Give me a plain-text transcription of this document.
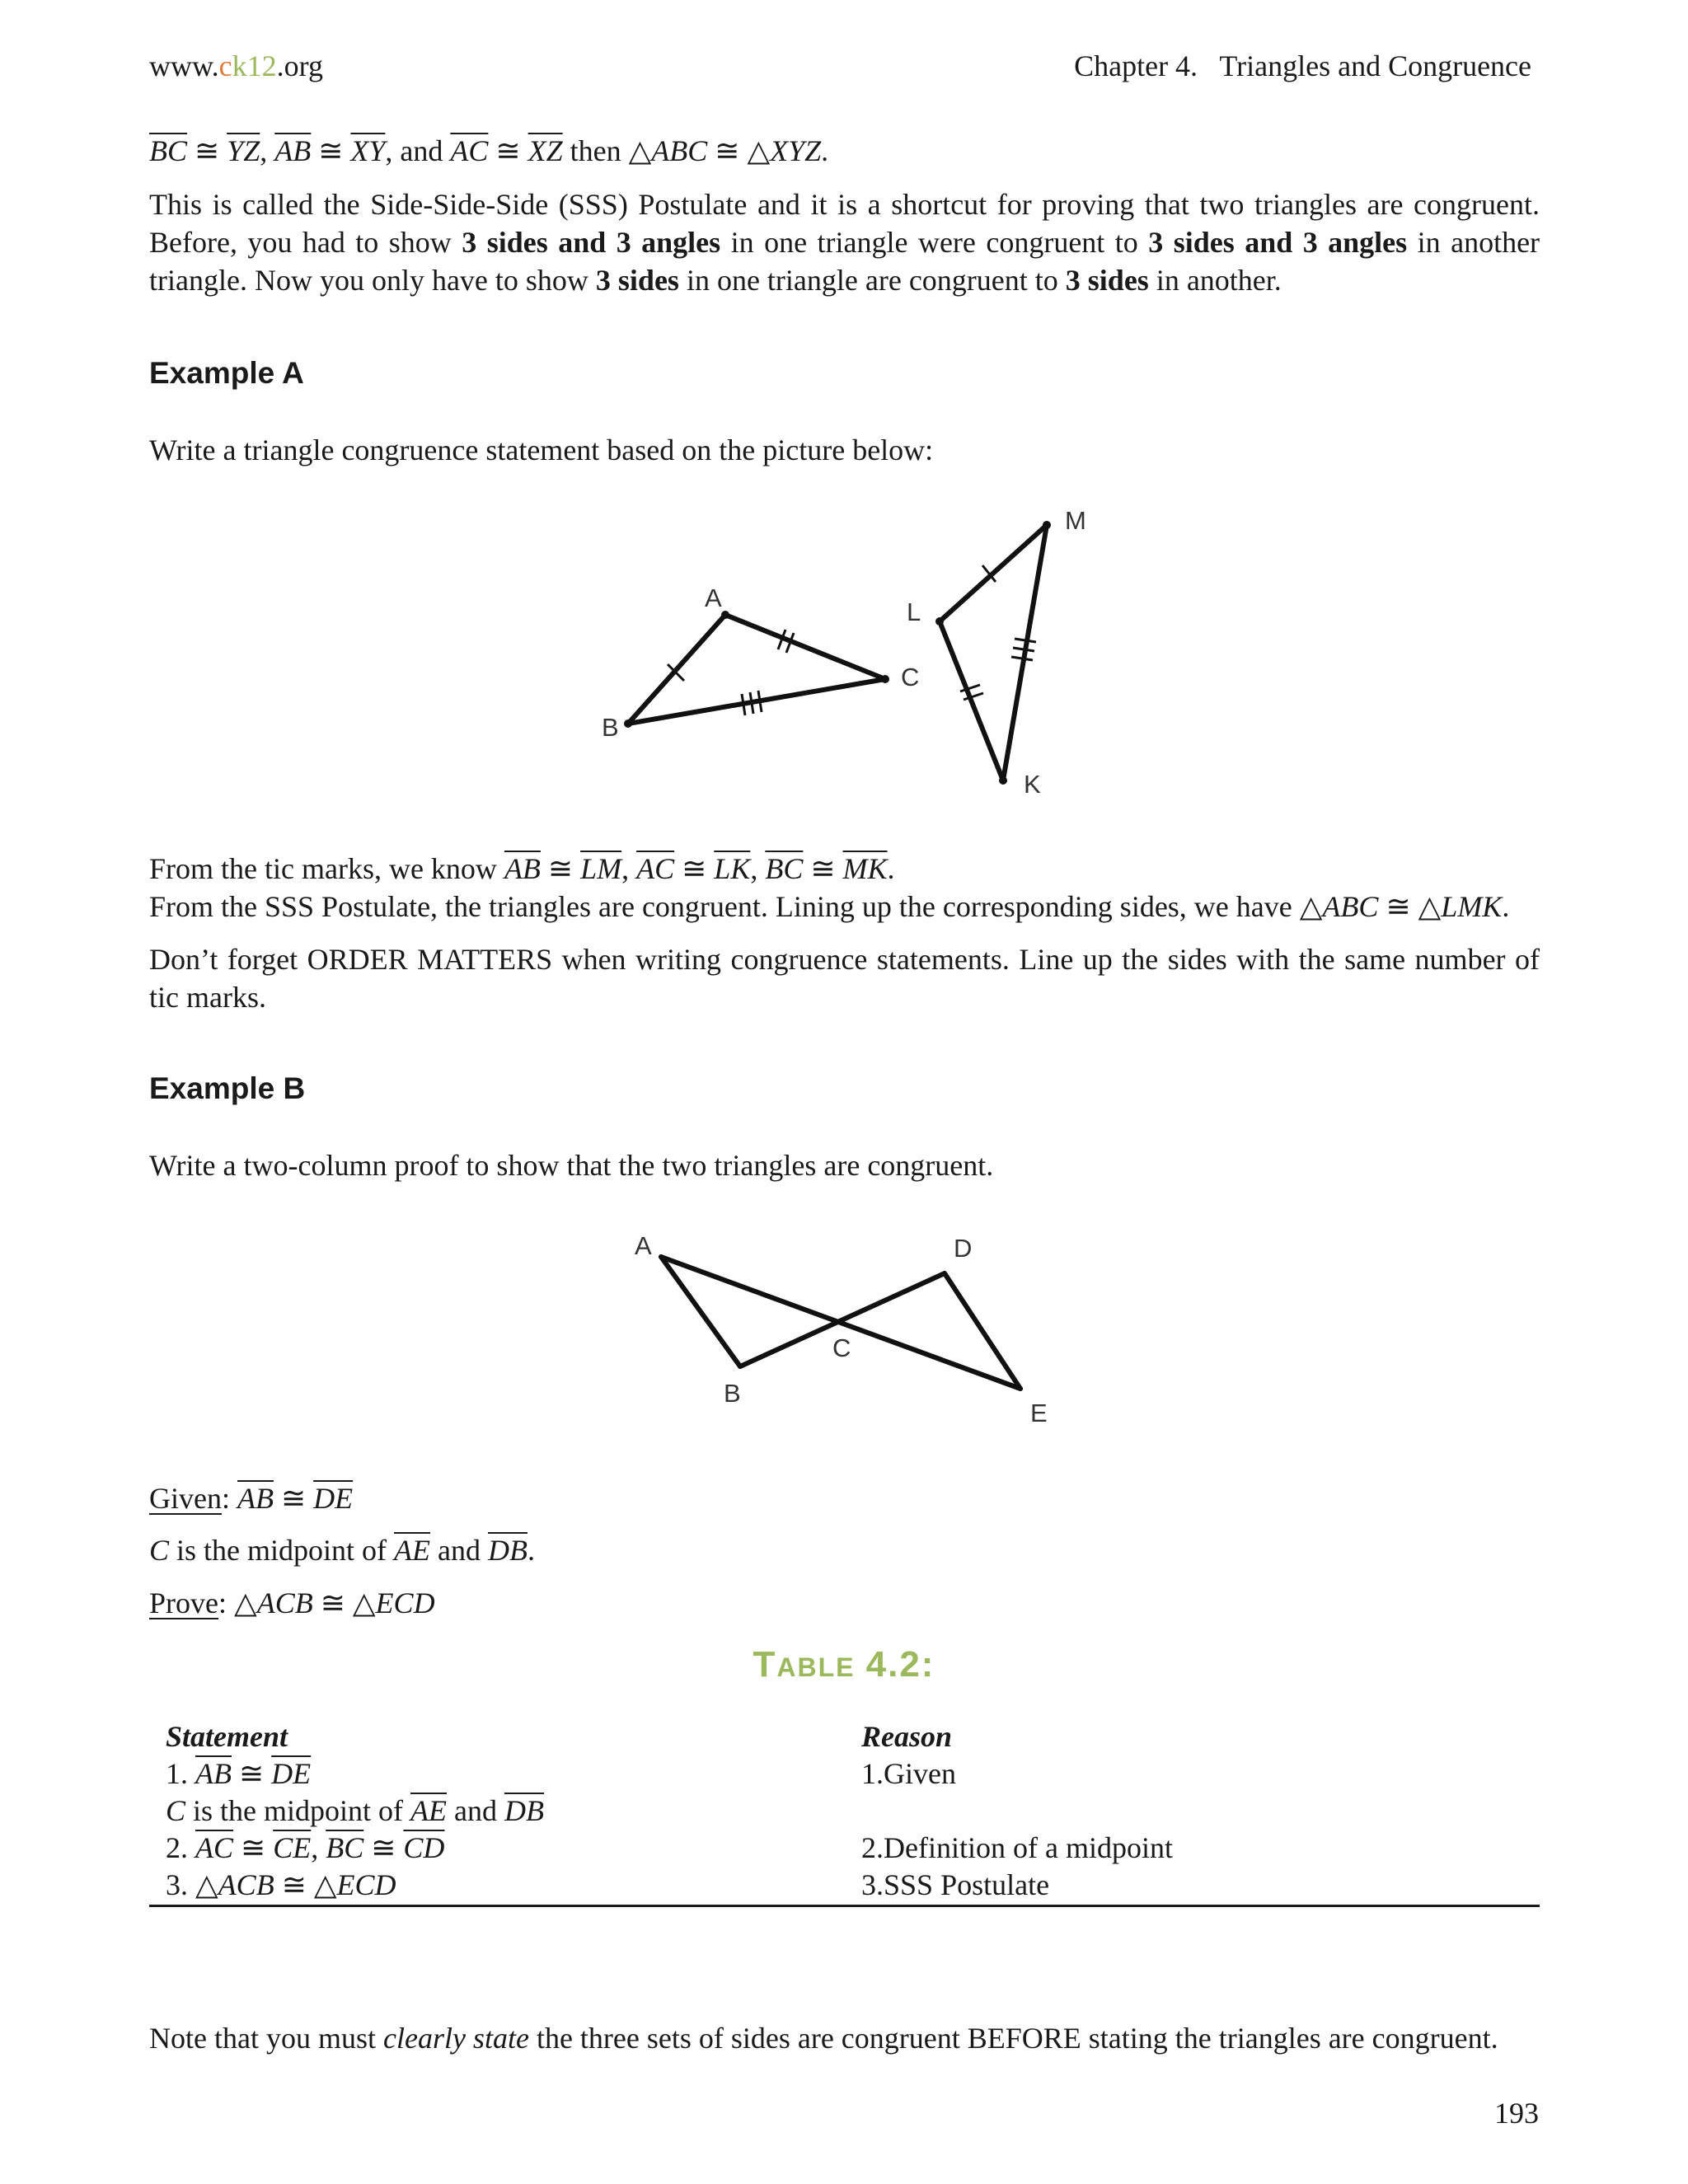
www.ck12.org	Chapter 4.   Triangles and Congruence

$\overline{BC}$ ≅ $\overline{YZ}$, $\overline{AB}$ ≅ $\overline{XY}$, and $\overline{AC}$ ≅ $\overline{XZ}$ then △ABC ≅ △XYZ.

This is called the Side-Side-Side (SSS) Postulate and it is a shortcut for proving that two triangles are congruent. Before, you had to show 3 sides and 3 angles in one triangle were congruent to 3 sides and 3 angles in another triangle. Now you only have to show 3 sides in one triangle are congruent to 3 sides in another.

Example A

Write a triangle congruence statement based on the picture below:

A
B
C
L
M
K

From the tic marks, we know $\overline{AB}$ ≅ $\overline{LM}$, $\overline{AC}$ ≅ $\overline{LK}$, $\overline{BC}$ ≅ $\overline{MK}$.

From the SSS Postulate, the triangles are congruent. Lining up the corresponding sides, we have △ABC ≅ △LMK.

Don’t forget ORDER MATTERS when writing congruence statements. Line up the sides with the same number of tic marks.

Example B

Write a two-column proof to show that the two triangles are congruent.

A
B
C
D
E

Given: $\overline{AB}$ ≅ $\overline{DE}$

C is the midpoint of $\overline{AE}$ and $\overline{DB}$.

Prove: △ACB ≅ △ECD

TABLE 4.2:
Statement	Reason
1. $\overline{AB}$ ≅ $\overline{DE}$	1.Given
C is the midpoint of $\overline{AE}$ and $\overline{DB}$
2. $\overline{AC}$ ≅ $\overline{CE}$, $\overline{BC}$ ≅ $\overline{CD}$	2.Definition of a midpoint
3. △ACB ≅ △ECD	3.SSS Postulate

Note that you must clearly state the three sets of sides are congruent BEFORE stating the triangles are congruent.

193
